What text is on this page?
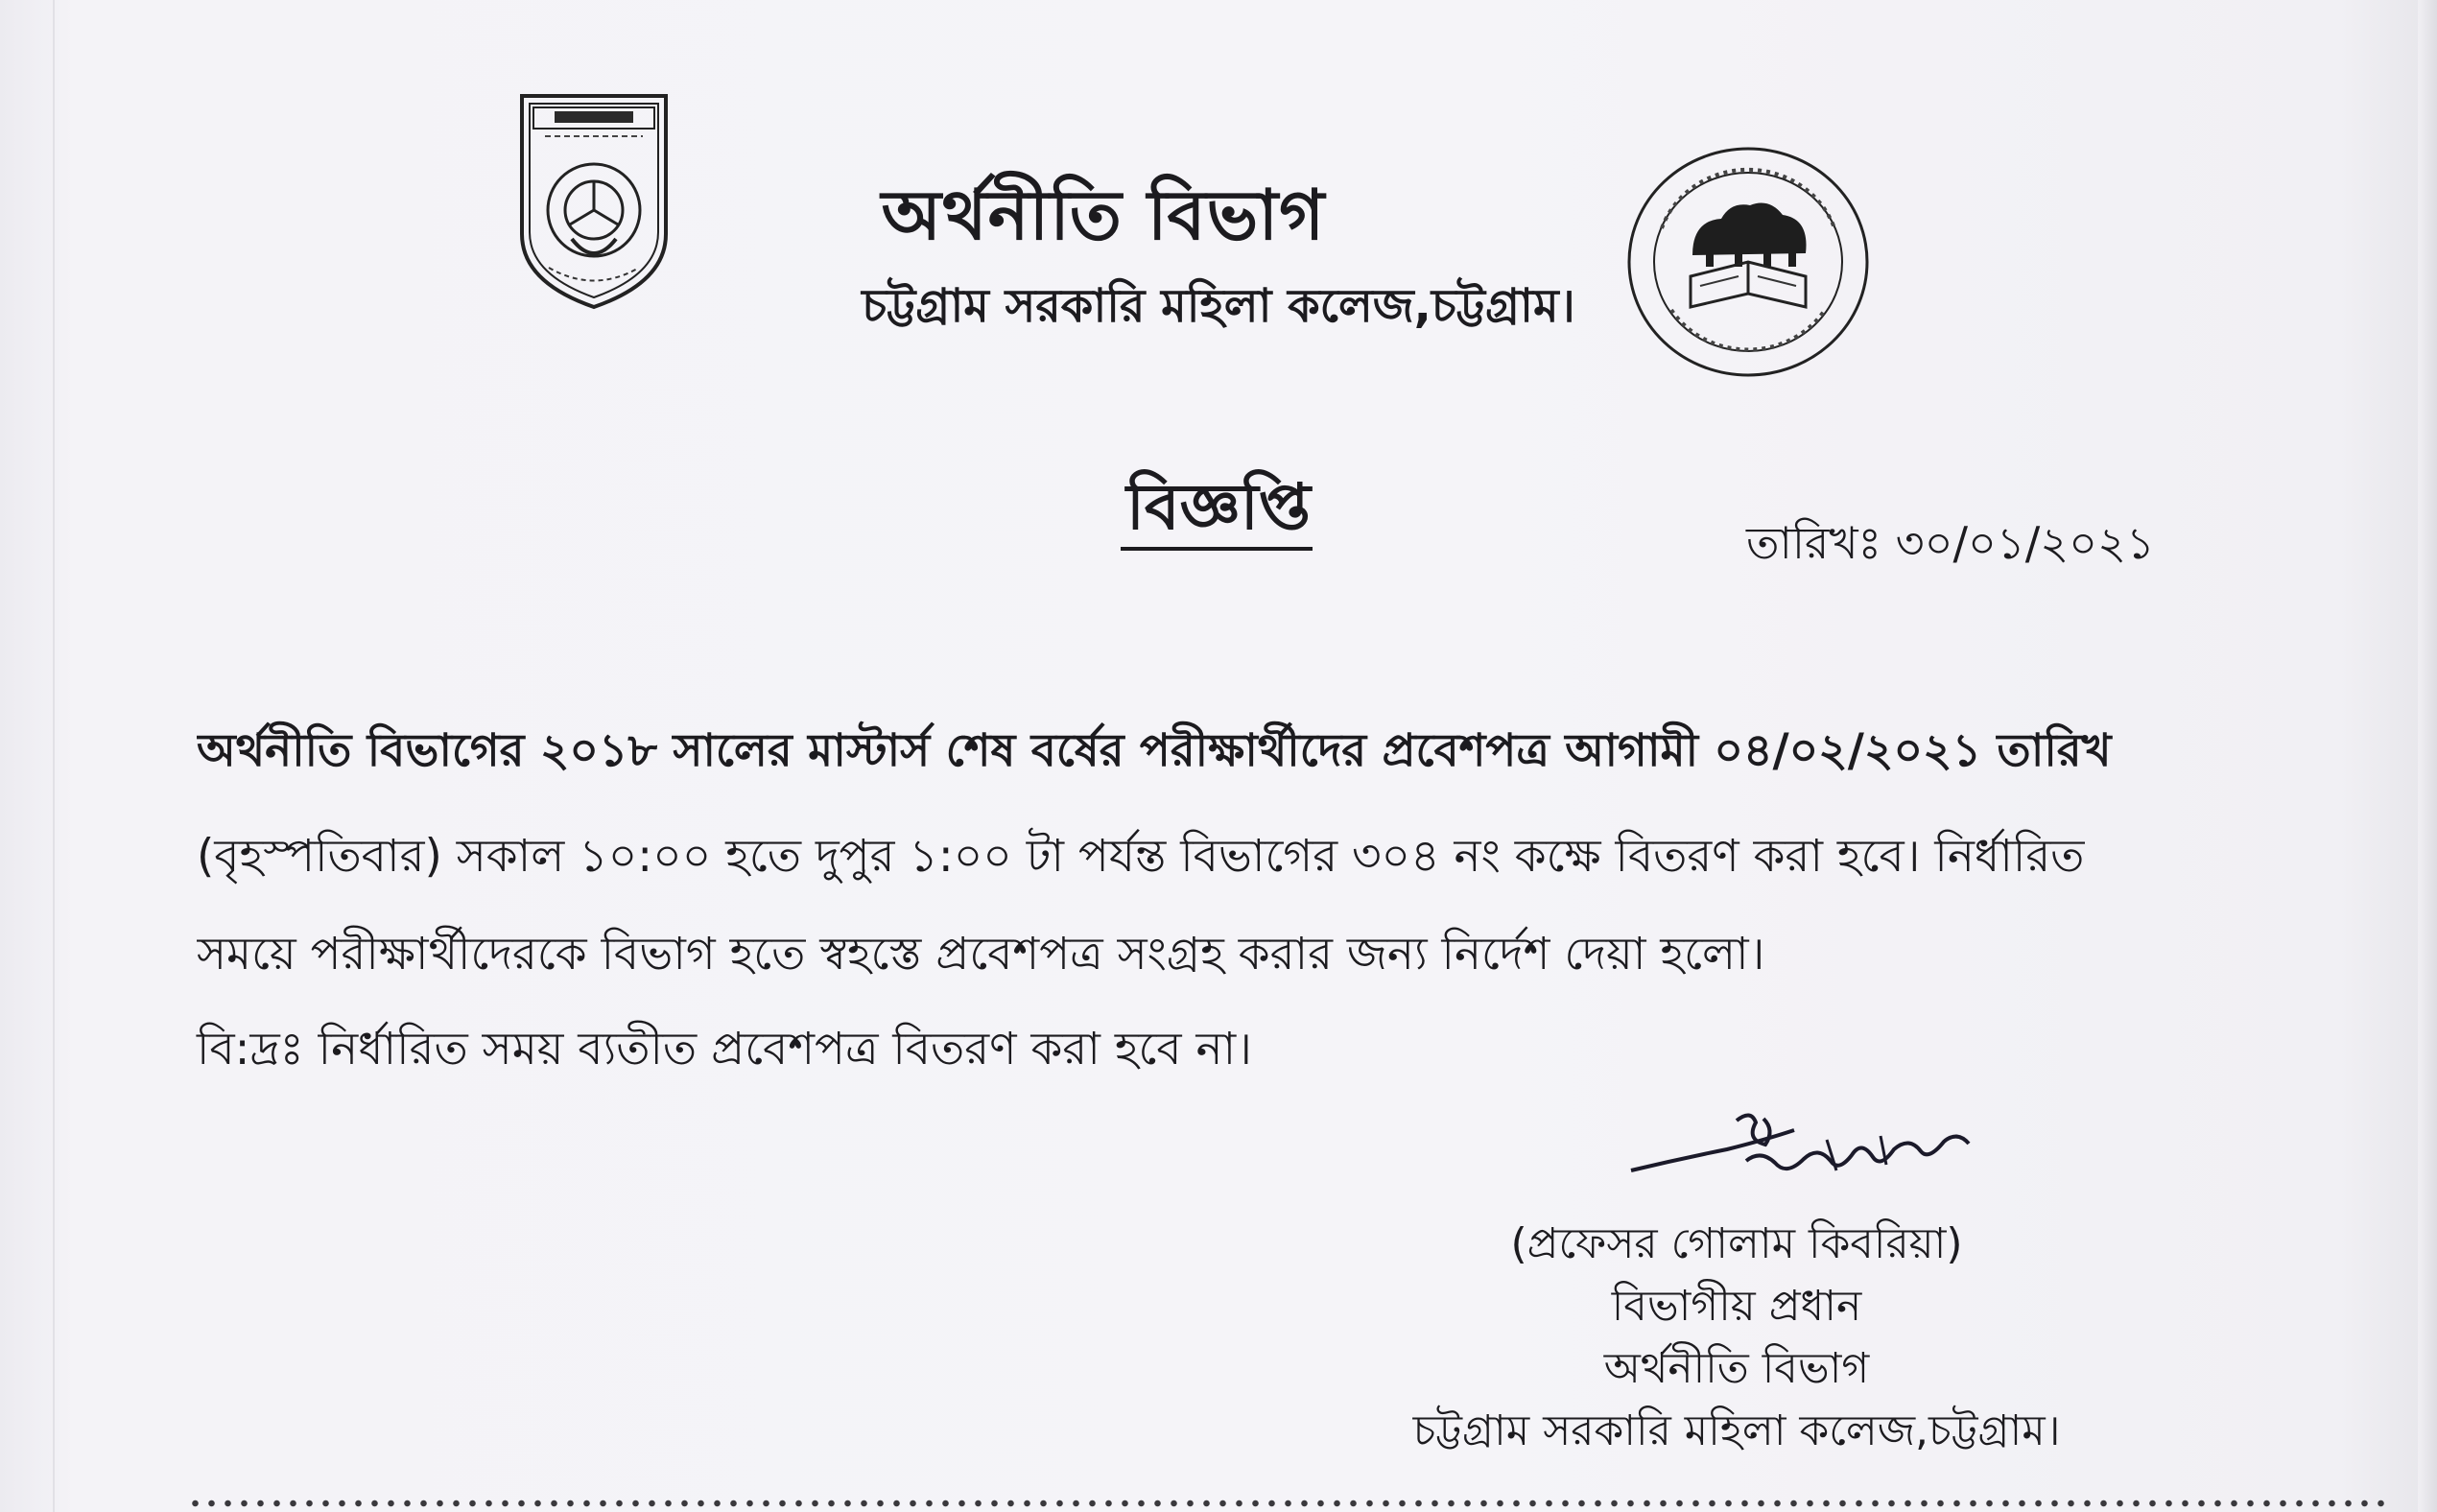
অর্থনীতি বিভাগ
চট্টগ্রাম সরকারি মহিলা কলেজ,চট্টগ্রাম।
বিজ্ঞপ্তি	তারিখঃ ৩০/০১/২০২১
অর্থনীতি বিভাগের ২০১৮ সালের মাস্টার্স শেষ বর্ষের পরীক্ষার্থীদের প্রবেশপত্র আগামী ০৪/০২/২০২১ তারিখ
(বৃহস্পতিবার) সকাল ১০:০০ হতে দুপুর ১:০০ টা পর্যন্ত বিভাগের ৩০৪ নং কক্ষে বিতরণ করা হবে। নির্ধারিত
সময়ে পরীক্ষার্থীদেরকে বিভাগ হতে স্বহস্তে প্রবেশপত্র সংগ্রহ করার জন্য নির্দেশ দেয়া হলো।
বি:দ্রঃ নির্ধারিত সময় ব্যতীত প্রবেশপত্র বিতরণ করা হবে না।
(প্রফেসর গোলাম কিবরিয়া)
বিভাগীয় প্রধান
অর্থনীতি বিভাগ
চট্টগ্রাম সরকারি মহিলা কলেজ,চট্টগ্রাম।
